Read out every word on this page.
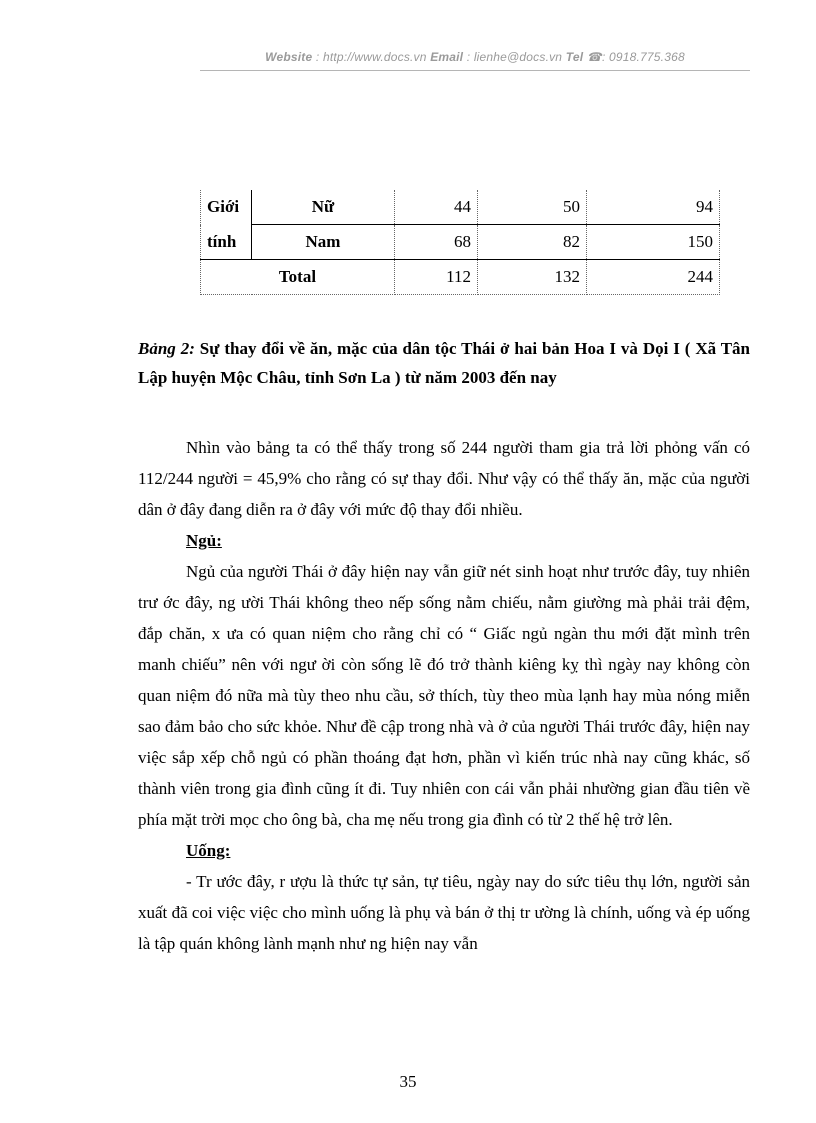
Website : http://www.docs.vn Email : lienhe@docs.vn Tel ☎: 0918.775.368
Giới	Nữ	44	50	94
tính	Nam	68	82	150
Total		112	132	244
Bảng 2: Sự thay đổi về ăn, mặc của dân tộc Thái ở hai bản Hoa I và Dọi I ( Xã Tân Lập huyện Mộc Châu, tỉnh Sơn La ) từ năm 2003 đến nay

Nhìn vào bảng ta có thể thấy trong số 244 người tham gia trả lời phỏng vấn có 112/244 người = 45,9% cho rằng có sự thay đổi. Như vậy có thể thấy ăn, mặc của người dân ở đây đang diễn ra ở đây với mức độ thay đổi nhiều.

Ngủ:

Ngủ của người Thái ở đây hiện nay vẫn giữ nét sinh hoạt như trước đây, tuy nhiên trư ớc đây, ng ười Thái không theo nếp sống nằm chiếu, nằm giường mà phải trải đệm, đắp chăn, x ưa có quan niệm cho rằng chỉ có “ Giấc ngủ ngàn thu mới đặt mình trên manh chiếu” nên với ngư ời còn sống lẽ đó trở thành kiêng kỵ thì ngày nay không còn quan niệm đó nữa mà tùy theo nhu cầu, sở thích, tùy theo mùa lạnh hay mùa nóng miễn sao đảm bảo cho sức khỏe. Như đề cập trong nhà và ở của người Thái trước đây, hiện nay việc sắp xếp chỗ ngủ có phần thoáng đạt hơn, phần vì kiến trúc nhà nay cũng khác, số thành viên trong gia đình cũng ít đi. Tuy nhiên con cái vẫn phải nhường gian đầu tiên về phía mặt trời mọc cho ông bà, cha mẹ nếu trong gia đình có từ 2 thế hệ trở lên.

Uống:

- Tr ước đây, r ượu là thức tự sản, tự tiêu, ngày nay do sức tiêu thụ lớn, người sản xuất đã coi việc việc cho mình uống là phụ và bán ở thị tr ường là chính, uống và ép uống là tập quán không lành mạnh như ng hiện nay vẫn

35
